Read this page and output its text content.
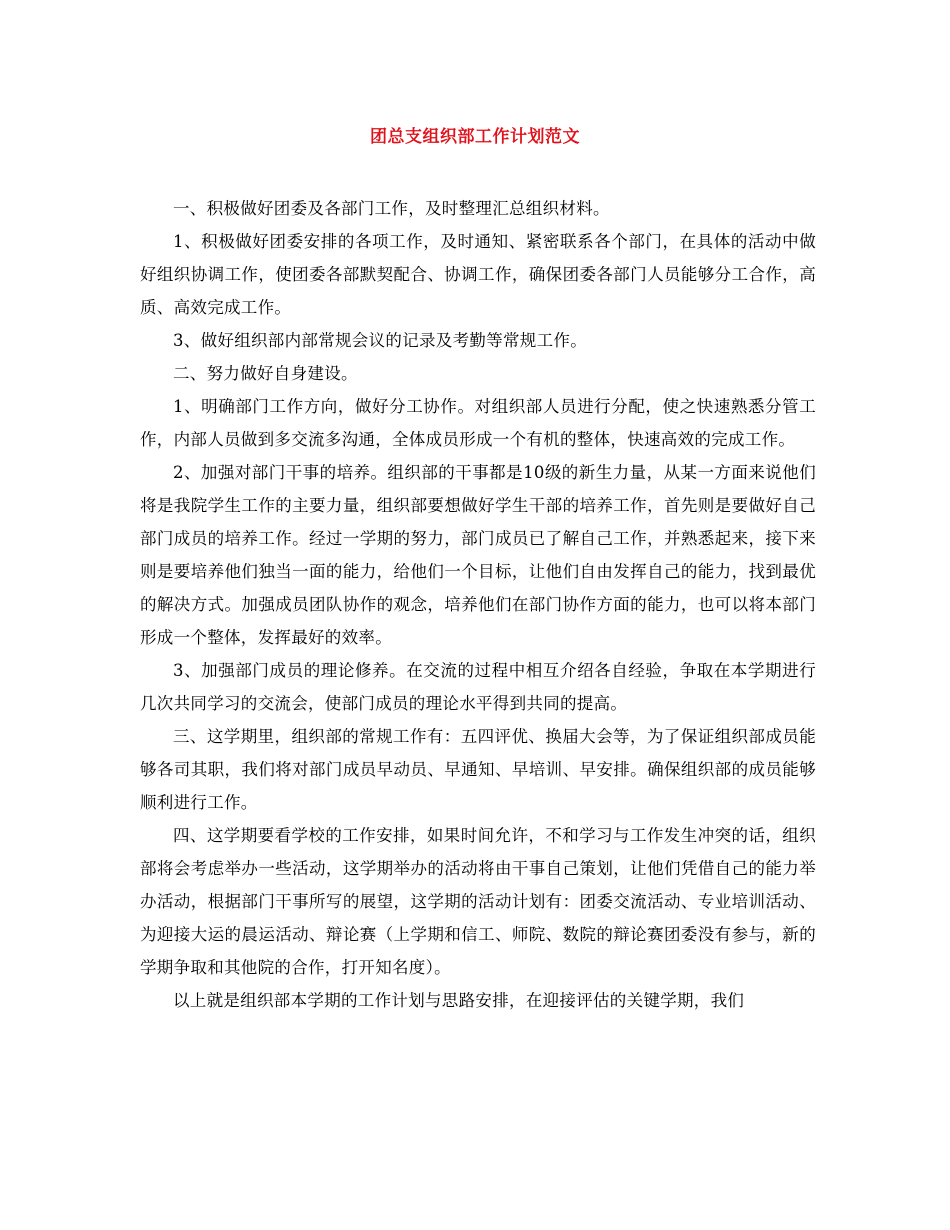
团总支组织部工作计划范文

一、积极做好团委及各部门工作，及时整理汇总组织材料。

1、积极做好团委安排的各项工作，及时通知、紧密联系各个部门，在具体的活动中做好组织协调工作，使团委各部默契配合、协调工作，确保团委各部门人员能够分工合作，高质、高效完成工作。

3、做好组织部内部常规会议的记录及考勤等常规工作。

二、努力做好自身建设。

1、明确部门工作方向，做好分工协作。对组织部人员进行分配，使之快速熟悉分管工作，内部人员做到多交流多沟通，全体成员形成一个有机的整体，快速高效的完成工作。

2、加强对部门干事的培养。组织部的干事都是10级的新生力量，从某一方面来说他们将是我院学生工作的主要力量，组织部要想做好学生干部的培养工作，首先则是要做好自己部门成员的培养工作。经过一学期的努力，部门成员已了解自己工作，并熟悉起来，接下来则是要培养他们独当一面的能力，给他们一个目标，让他们自由发挥自己的能力，找到最优的解决方式。加强成员团队协作的观念，培养他们在部门协作方面的能力，也可以将本部门形成一个整体，发挥最好的效率。

3、加强部门成员的理论修养。在交流的过程中相互介绍各自经验，争取在本学期进行几次共同学习的交流会，使部门成员的理论水平得到共同的提高。

三、这学期里，组织部的常规工作有：五四评优、换届大会等，为了保证组织部成员能够各司其职，我们将对部门成员早动员、早通知、早培训、早安排。确保组织部的成员能够顺利进行工作。

四、这学期要看学校的工作安排，如果时间允许，不和学习与工作发生冲突的话，组织部将会考虑举办一些活动，这学期举办的活动将由干事自己策划，让他们凭借自己的能力举办活动，根据部门干事所写的展望，这学期的活动计划有：团委交流活动、专业培训活动、为迎接大运的晨运活动、辩论赛（上学期和信工、师院、数院的辩论赛团委没有参与，新的学期争取和其他院的合作，打开知名度）。

以上就是组织部本学期的工作计划与思路安排，在迎接评估的关键学期，我们
